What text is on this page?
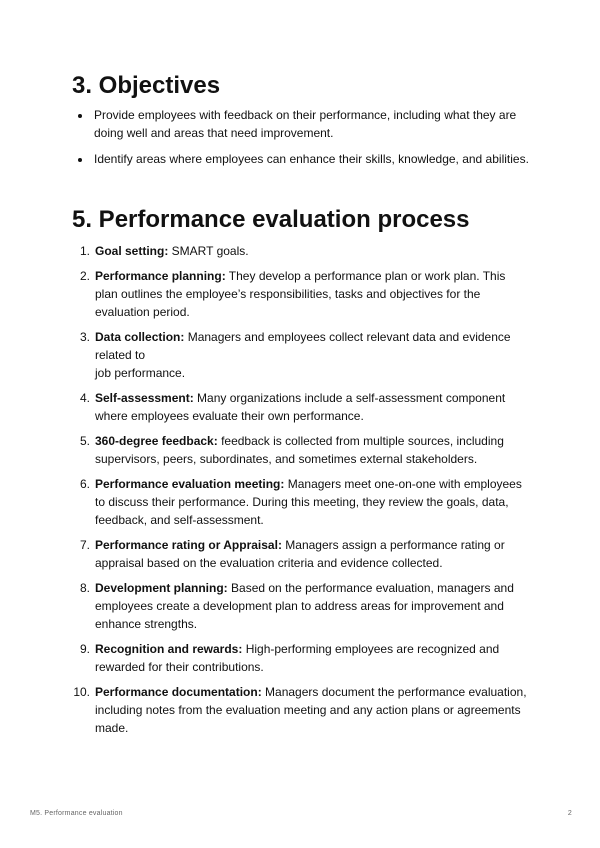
3. Objectives
Provide employees with feedback on their performance, including what they are doing well and areas that need improvement.
Identify areas where employees can enhance their skills, knowledge, and abilities.
5. Performance evaluation process
1. Goal setting: SMART goals.
2. Performance planning: They develop a performance plan or work plan. This plan outlines the employee’s responsibilities, tasks and objectives for the evaluation period.
3. Data collection: Managers and employees collect relevant data and evidence related to
job performance.
4. Self-assessment: Many organizations include a self-assessment component where employees evaluate their own performance.
5. 360-degree feedback: feedback is collected from multiple sources, including supervisors, peers, subordinates, and sometimes external stakeholders.
6. Performance evaluation meeting: Managers meet one-on-one with employees to discuss their performance. During this meeting, they review the goals, data, feedback, and self-assessment.
7. Performance rating or Appraisal: Managers assign a performance rating or appraisal based on the evaluation criteria and evidence collected.
8. Development planning: Based on the performance evaluation, managers and employees create a development plan to address areas for improvement and enhance strengths.
9. Recognition and rewards: High-performing employees are recognized and rewarded for their contributions.
10. Performance documentation: Managers document the performance evaluation, including notes from the evaluation meeting and any action plans or agreements made.
M5. Performance evaluation	2
